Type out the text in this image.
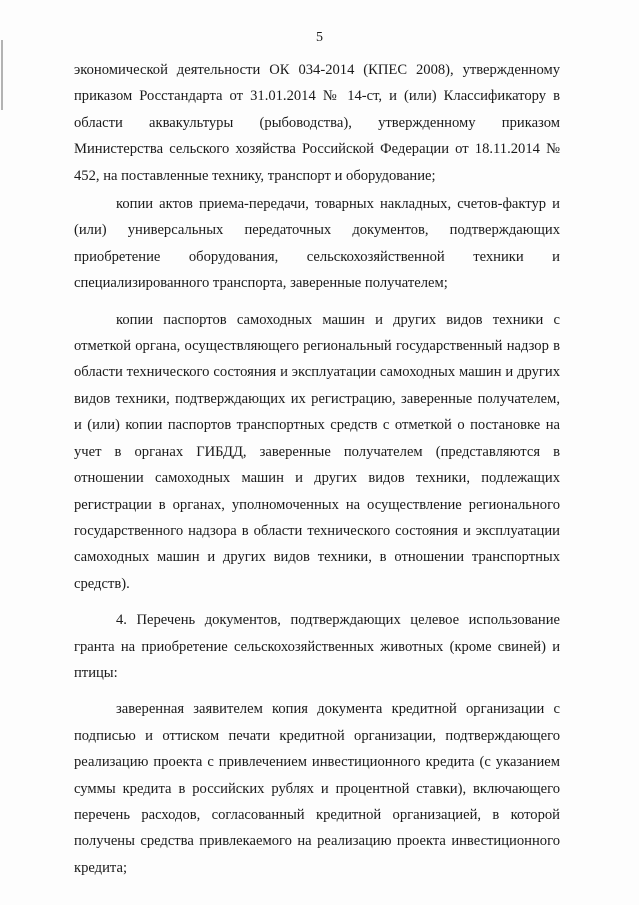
5

экономической деятельности ОК 034-2014 (КПЕС 2008), утвержденному приказом Росстандарта от 31.01.2014 № 14-ст, и (или) Классификатору в области аквакультуры (рыбоводства), утвержденному приказом Министерства сельского хозяйства Российской Федерации от 18.11.2014 № 452, на поставленные технику, транспорт и оборудование;

копии актов приема-передачи, товарных накладных, счетов-фактур и (или) универсальных передаточных документов, подтверждающих приобретение оборудования, сельскохозяйственной техники и специализированного транспорта, заверенные получателем;

копии паспортов самоходных машин и других видов техники с отметкой органа, осуществляющего региональный государственный надзор в области технического состояния и эксплуатации самоходных машин и других видов техники, подтверждающих их регистрацию, заверенные получателем, и (или) копии паспортов транспортных средств с отметкой о постановке на учет в органах ГИБДД, заверенные получателем (представляются в отношении самоходных машин и других видов техники, подлежащих регистрации в органах, уполномоченных на осуществление регионального государственного надзора в области технического состояния и эксплуатации самоходных машин и других видов техники, в отношении транспортных средств).

4. Перечень документов, подтверждающих целевое использование гранта на приобретение сельскохозяйственных животных (кроме свиней) и птицы:

заверенная заявителем копия документа кредитной организации с подписью и оттиском печати кредитной организации, подтверждающего реализацию проекта с привлечением инвестиционного кредита (с указанием суммы кредита в российских рублях и процентной ставки), включающего перечень расходов, согласованный кредитной организацией, в которой получены средства привлекаемого на реализацию проекта инвестиционного кредита;
